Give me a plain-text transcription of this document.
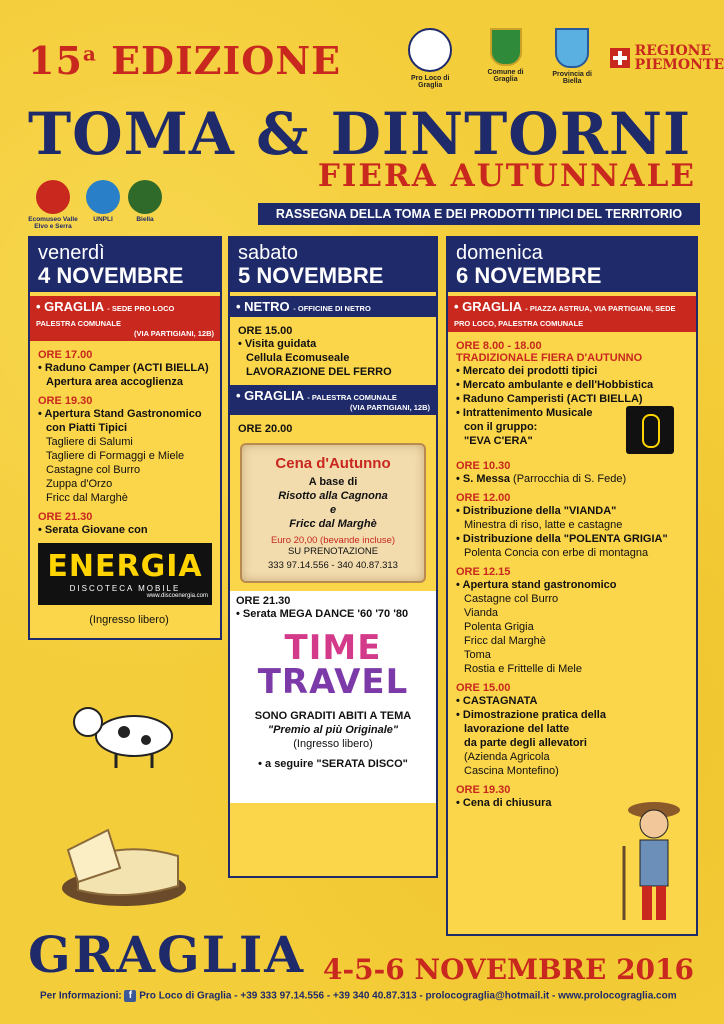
15$^a$ EDIZIONE	Pro Loco di Graglia
Comune di Graglia
Provincia di Biella
REGIONE
PIEMONTE
TOMA & DINTORNI
FIERA AUTUNNALE
Ecomuseo Valle Elvo e Serra
UNPLI	Biella	RASSEGNA DELLA TOMA E DEI PRODOTTI TIPICI DEL TERRITORIO
venerdì
4 NOVEMBRE
• GRAGLIA - SEDE PRO LOCO PALESTRA COMUNALE
(VIA PARTIGIANI, 12B)
ORE 17.00
• Raduno Camper (ACTI BIELLA)
Apertura area accoglienza
ORE 19.30
• Apertura Stand Gastronomico
con Piatti Tipici
Tagliere di Salumi
Tagliere di Formaggi e Miele
Castagne col Burro
Zuppa d'Orzo
Fricc dal Marghè
ORE 21.30
• Serata Giovane con
ENERGIA
DISCOTECA MOBILE
www.discoenergia.com
(Ingresso libero)
sabato
5 NOVEMBRE
• NETRO - OFFICINE DI NETRO
ORE 15.00
• Visita guidata
Cellula Ecomuseale
LAVORAZIONE DEL FERRO
• GRAGLIA - PALESTRA COMUNALE
(VIA PARTIGIANI, 12B)
ORE 20.00
Cena d'Autunno
A base di
Risotto alla Cagnona
e
Fricc dal Marghè
Euro 20,00 (bevande incluse)
SU PRENOTAZIONE
333 97.14.556 - 340 40.87.313
ORE 21.30
• Serata MEGA DANCE '60 '70 '80
TIME
TRAVEL
SONO GRADITI ABITI A TEMA
"Premio al più Originale"
(Ingresso libero)
• a seguire "SERATA DISCO"
domenica
6 NOVEMBRE
• GRAGLIA - PIAZZA ASTRUA, VIA PARTIGIANI, SEDE PRO LOCO, PALESTRA COMUNALE
ORE 8.00 - 18.00
TRADIZIONALE FIERA D'AUTUNNO
• Mercato dei prodotti tipici
• Mercato ambulante e dell'Hobbistica
• Raduno Camperisti (ACTI BIELLA)
• Intrattenimento Musicale
con il gruppo:
"EVA C'ERA"
ORE 10.30
• S. Messa (Parrocchia di S. Fede)
ORE 12.00
• Distribuzione della "VIANDA"
Minestra di riso, latte e castagne
• Distribuzione della "POLENTA GRIGIA"
Polenta Concia con erbe di montagna
ORE 12.15
• Apertura stand gastronomico
Castagne col Burro
Vianda
Polenta Grigia
Fricc dal Marghè
Toma
Rostia e Frittelle di Mele
ORE 15.00
• CASTAGNATA
• Dimostrazione pratica della
lavorazione del latte
da parte degli allevatori
(Azienda Agricola
Cascina Montefino)
ORE 19.30
• Cena di chiusura
GRAGLIA 4-5-6 NOVEMBRE 2016
Per Informazioni: f Pro Loco di Graglia - +39 333 97.14.556 - +39 340 40.87.313 - prolocograglia@hotmail.it - www.prolocograglia.com
